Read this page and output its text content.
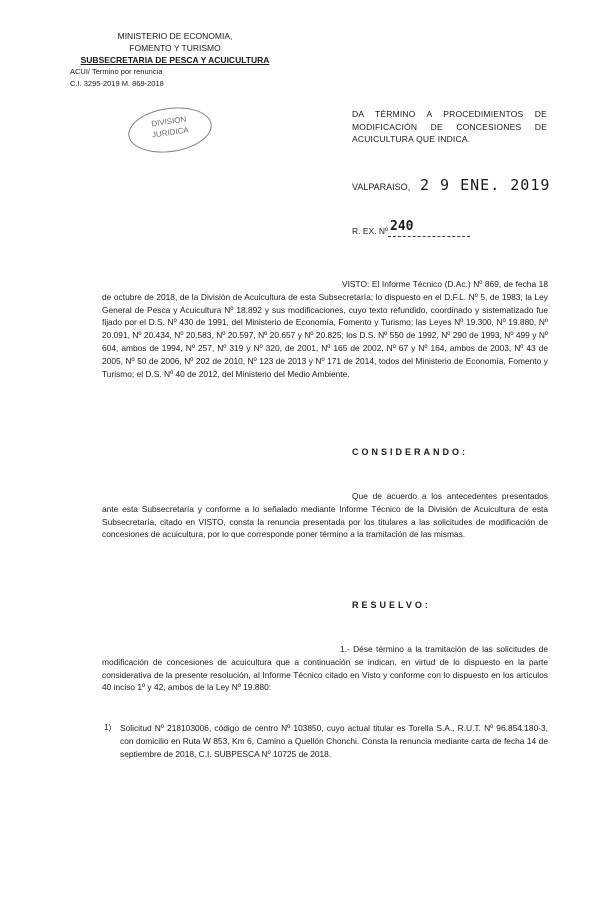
MINISTERIO DE ECONOMIA,
FOMENTO Y TURISMO
SUBSECRETARIA DE PESCA Y ACUICULTURA
ACUI/ Termino por renuncia
C.I. 3295-2019 M. 869-2018
DIVISION
JURIDICA
DA TÉRMINO A PROCEDIMIENTOS DE MODIFICACIÓN DE CONCESIONES DE ACUICULTURA QUE INDICA.
VALPARAISO, 2 9 ENE. 2019
R. EX. Nº 240
VISTO: El Informe Técnico (D.Ac.) Nº 869, de fecha 18 de octubre de 2018, de la División de Acuicultura de esta Subsecretaría; lo dispuesto en el D.F.L. Nº 5, de 1983; la Ley General de Pesca y Acuicultura Nº 18.892 y sus modificaciones, cuyo texto refundido, coordinado y sistematizado fue fijado por el D.S. Nº 430 de 1991, del Ministerio de Economía, Fomento y Turismo; las Leyes Nº 19.300, Nº 19.880, Nº 20.091, Nº 20.434, Nº 20.583, Nº 20.597, Nº 20.657 y Nº 20.825; los D.S. Nº 550 de 1992, Nº 290 de 1993, Nº 499 y Nº 604, ambos de 1994, Nº 257, Nº 319 y Nº 320, de 2001, Nº 165 de 2002, Nº 67 y Nº 164, ambos de 2003, Nº 43 de 2005, Nº 50 de 2006, Nº 202 de 2010, Nº 123 de 2013 y Nº 171 de 2014, todos del Ministerio de Economía, Fomento y Turismo; el D.S. Nº 40 de 2012, del Ministerio del Medio Ambiente.
CONSIDERANDO:
Que de acuerdo a los antecedentes presentados ante esta Subsecretaría y conforme a lo señalado mediante Informe Técnico de la División de Acuicultura de esta Subsecretaría, citado en VISTO, consta la renuncia presentada por los titulares a las solicitudes de modificación de concesiones de acuicultura, por lo que corresponde poner término a la tramitación de las mismas.
RESUELVO:
1.- Dése término a la tramitación de las solicitudes de modificación de concesiones de acuicultura que a continuación se indican, en virtud de lo dispuesto en la parte considerativa de la presente resolución, al Informe Técnico citado en Visto y conforme con lo dispuesto en los artículos 40 inciso 1º y 42, ambos de la Ley Nº 19.880:
1) Solicitud Nº 218103006, código de centro Nº 103850, cuyo actual titular es Torella S.A., R.U.T. Nº 96.854.180-3, con domicilio en Ruta W 853, Km 6, Camino a Quellón Chonchi. Consta la renuncia mediante carta de fecha 14 de septiembre de 2018, C.I. SUBPESCA Nº 10725 de 2018.
